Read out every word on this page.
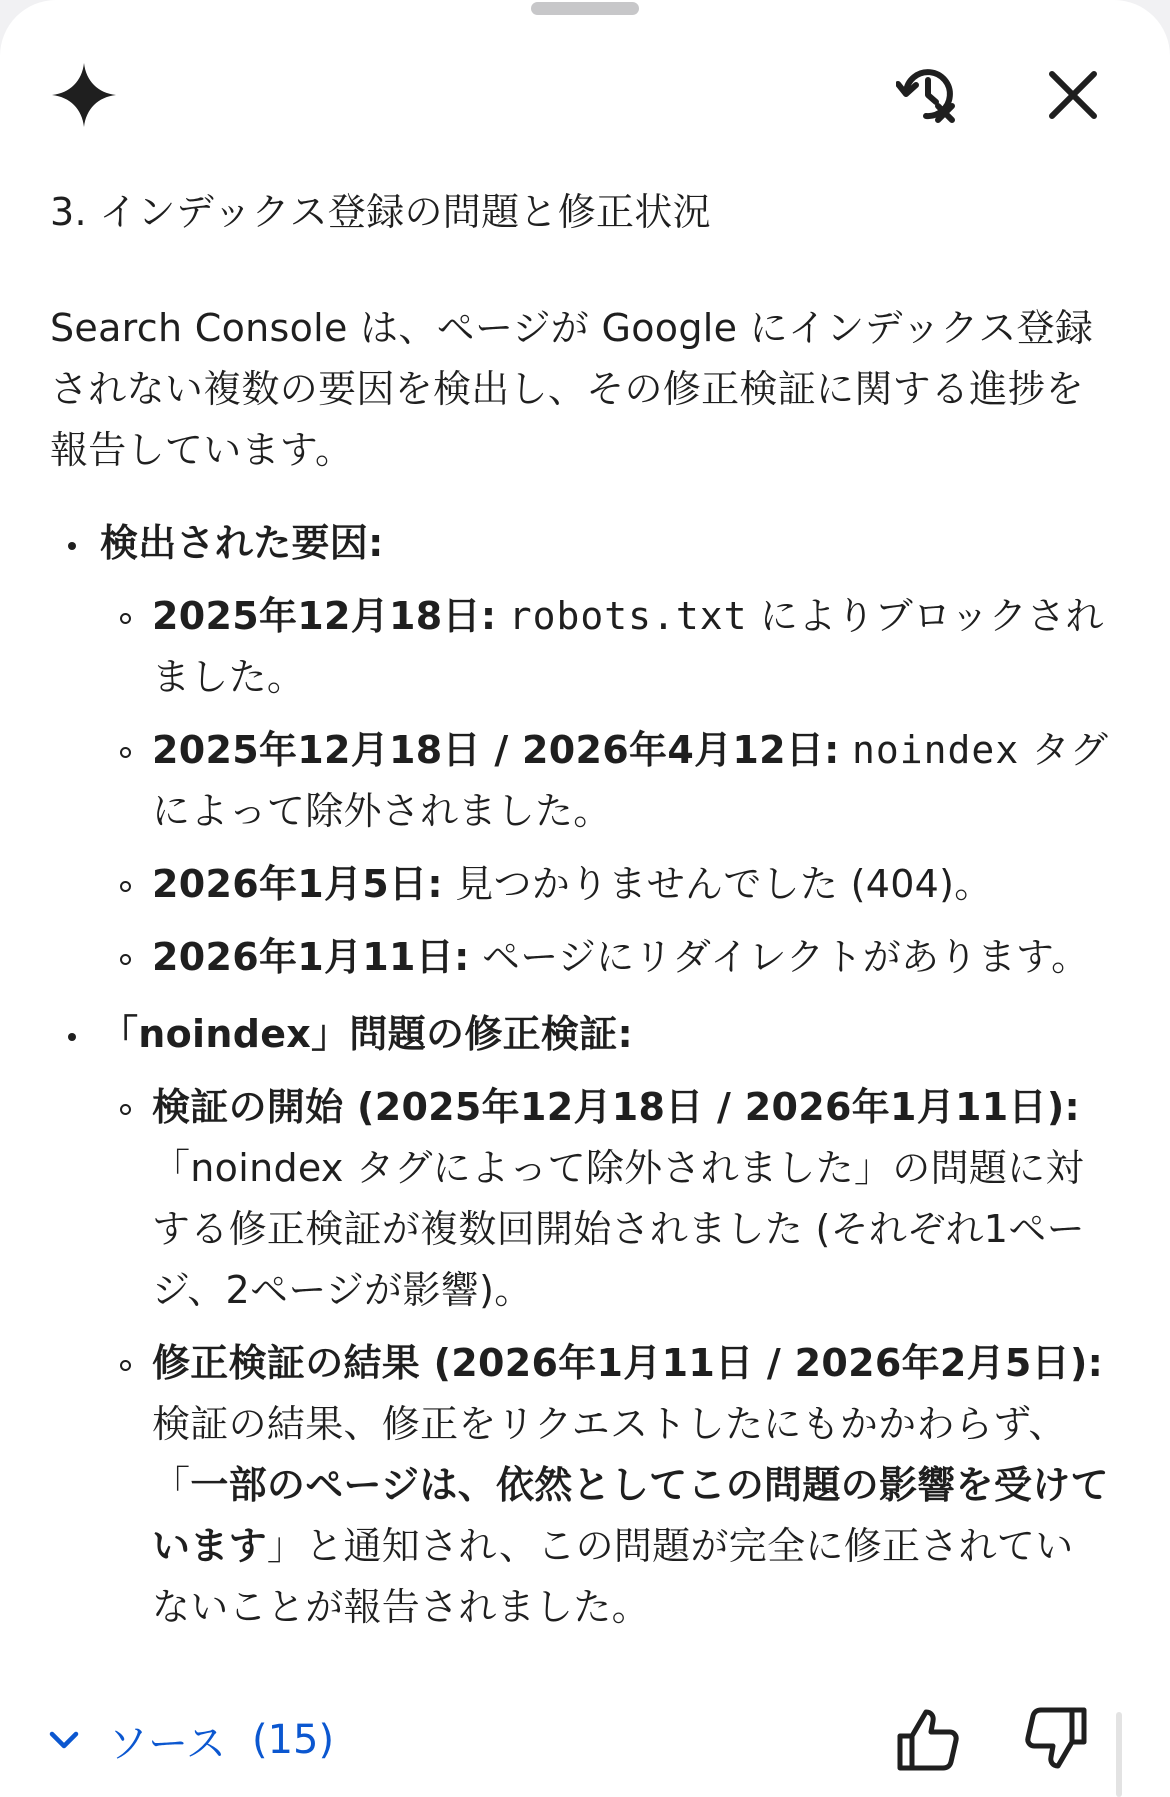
3. インデックス登録の問題と修正状況

Search Console は、ページが Google にインデックス登録されない複数の要因を検出し、その修正検証に関する進捗を報告しています。

検出された要因:
2025年12月18日: robots.txt によりブロックされました。
2025年12月18日 / 2026年4月12日: noindex タグによって除外されました。
2026年1月5日: 見つかりませんでした (404)。
2026年1月11日: ページにリダイレクトがあります。
「noindex」問題の修正検証:
検証の開始 (2025年12月18日 / 2026年1月11日):「noindex タグによって除外されました」の問題に対する修正検証が複数回開始されました (それぞれ1ページ、2ページが影響)。
修正検証の結果 (2026年1月11日 / 2026年2月5日): 検証の結果、修正をリクエストしたにもかかわらず、「一部のページは、依然としてこの問題の影響を受けています」と通知され、この問題が完全に修正されていないことが報告されました。
ソース (15)
